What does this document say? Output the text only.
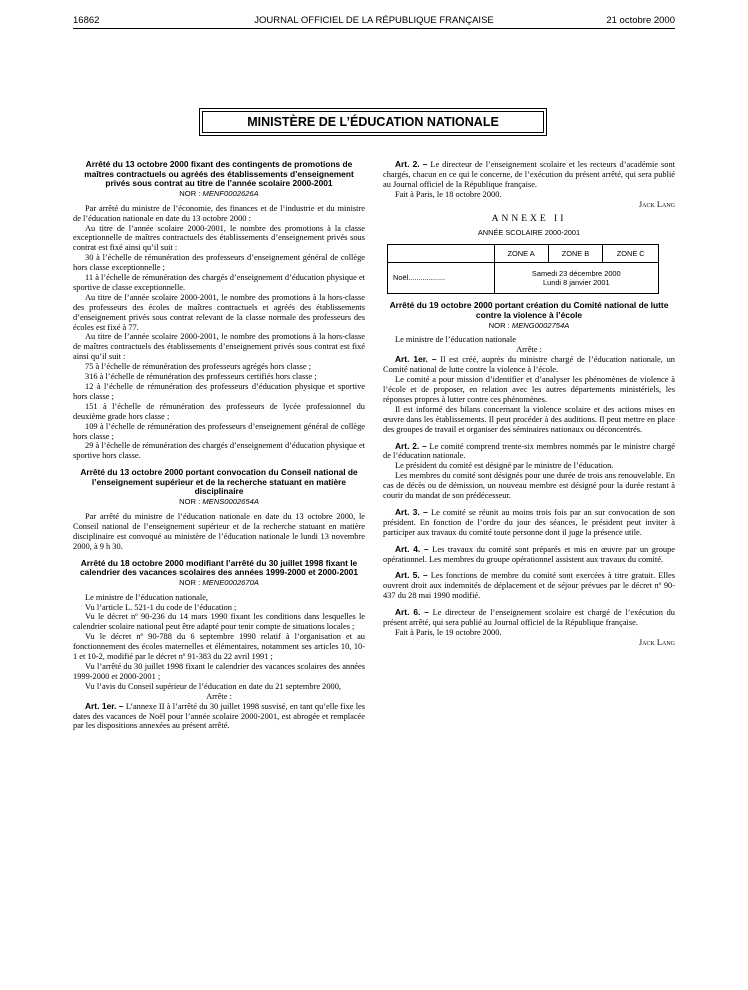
16862	JOURNAL OFFICIEL DE LA RÉPUBLIQUE FRANÇAISE	21 octobre 2000
MINISTÈRE DE L’ÉDUCATION NATIONALE

Arrêté du 13 octobre 2000 fixant des contingents de promotions de maîtres contractuels ou agréés des établissements d’enseignement privés sous contrat au titre de l’année scolaire 2000-2001

NOR : MENF0002626A

Par arrêté du ministre de l’économie, des finances et de l’industrie et du ministre de l’éducation nationale en date du 13 octobre 2000 :

Au titre de l’année scolaire 2000-2001, le nombre des promotions à la classe exceptionnelle de maîtres contractuels des établissements d’enseignement privés sous contrat est fixé ainsi qu’il suit :

30 à l’échelle de rémunération des professeurs d’enseignement général de collège hors classe exceptionnelle ;

11 à l’échelle de rémunération des chargés d’enseignement d’éducation physique et sportive de classe exceptionnelle.

Au titre de l’année scolaire 2000-2001, le nombre des promotions à la hors-classe des professeurs des écoles de maîtres contractuels et agréés des établissements d’enseignement privés sous contrat relevant de la classe normale des professeurs des écoles est fixé à 77.

Au titre de l’année scolaire 2000-2001, le nombre des promotions à la hors-classe de maîtres contractuels des établissements d’enseignement privés sous contrat est fixé ainsi qu’il suit :

75 à l’échelle de rémunération des professeurs agrégés hors classe ;

316 à l’échelle de rémunération des professeurs certifiés hors classe ;

12 à l’échelle de rémunération des professeurs d’éducation physique et sportive hors classe ;

151 à l’échelle de rémunération des professeurs de lycée professionnel du deuxième grade hors classe ;

109 à l’échelle de rémunération des professeurs d’enseignement général de collège hors classe ;

29 à l’échelle de rémunération des chargés d’enseignement d’éducation physique et sportive hors classe.

Arrêté du 13 octobre 2000 portant convocation du Conseil national de l’enseignement supérieur et de la recherche statuant en matière disciplinaire

NOR : MENS0002654A

Par arrêté du ministre de l’éducation nationale en date du 13 octobre 2000, le Conseil national de l’enseignement supérieur et de la recherche statuant en matière disciplinaire est convoqué au ministère de l’éducation nationale le lundi 13 novembre 2000, à 9 h 30.

Arrêté du 18 octobre 2000 modifiant l’arrêté du 30 juillet 1998 fixant le calendrier des vacances scolaires des années 1999-2000 et 2000-2001

NOR : MENE0002670A

Le ministre de l’éducation nationale,

Vu l’article L. 521-1 du code de l’éducation ;

Vu le décret nº 90-236 du 14 mars 1990 fixant les conditions dans lesquelles le calendrier scolaire national peut être adapté pour tenir compte de situations locales ;

Vu le décret nº 90-788 du 6 septembre 1990 relatif à l’organisation et au fonctionnement des écoles maternelles et élémentaires, notamment ses articles 10, 10-1 et 10-2, modifié par le décret nº 91-383 du 22 avril 1991 ;

Vu l’arrêté du 30 juillet 1998 fixant le calendrier des vacances scolaires des années 1999-2000 et 2000-2001 ;

Vu l’avis du Conseil supérieur de l’éducation en date du 21 septembre 2000,

Arrête :

Art. 1er. – L’annexe II à l’arrêté du 30 juillet 1998 susvisé, en tant qu’elle fixe les dates des vacances de Noël pour l’année scolaire 2000-2001, est abrogée et remplacée par les dispositions annexées au présent arrêté.

Art. 2. – Le directeur de l’enseignement scolaire et les recteurs d’académie sont chargés, chacun en ce qui le concerne, de l’exécution du présent arrêté, qui sera publié au Journal officiel de la République française.

Fait à Paris, le 18 octobre 2000.

Jack Lang

ANNEXE II
ANNÉE SCOLAIRE 2000-2001
	ZONE A	ZONE B	ZONE C
Noël..................	Samedi 23 décembre 2000
Lundi 8 janvier 2001		

Arrêté du 19 octobre 2000 portant création du Comité national de lutte contre la violence à l’école

NOR : MENG0002754A

Le ministre de l’éducation nationale

Arrête :

Art. 1er. – Il est créé, auprès du ministre chargé de l’éducation nationale, un Comité national de lutte contre la violence à l’école.

Le comité a pour mission d’identifier et d’analyser les phénomènes de violence à l’école et de proposer, en relation avec les autres départements ministériels, les réponses propres à lutter contre ces phénomènes.

Il est informé des bilans concernant la violence scolaire et des actions mises en œuvre dans les établissements. Il peut procéder à des auditions. Il peut mettre en place des groupes de travail et organiser des séminaires nationaux ou déconcentrés.

Art. 2. – Le comité comprend trente-six membres nommés par le ministre chargé de l’éducation nationale.

Le président du comité est désigné par le ministre de l’éducation.

Les membres du comité sont désignés pour une durée de trois ans renouvelable. En cas de décès ou de démission, un nouveau membre est désigné pour la durée restant à courir du mandat de son prédécesseur.

Art. 3. – Le comité se réunit au moins trois fois par an sur convocation de son président. En fonction de l’ordre du jour des séances, le président peut inviter à participer aux travaux du comité toute personne dont il juge la présence utile.

Art. 4. – Les travaux du comité sont préparés et mis en œuvre par un groupe opérationnel. Les membres du groupe opérationnel assistent aux travaux du comité.

Art. 5. – Les fonctions de membre du comité sont exercées à titre gratuit. Elles ouvrent droit aux indemnités de déplacement et de séjour prévues par le décret nº 90-437 du 28 mai 1990 modifié.

Art. 6. – Le directeur de l’enseignement scolaire est chargé de l’exécution du présent arrêté, qui sera publié au Journal officiel de la République française.

Fait à Paris, le 19 octobre 2000.

Jack Lang
